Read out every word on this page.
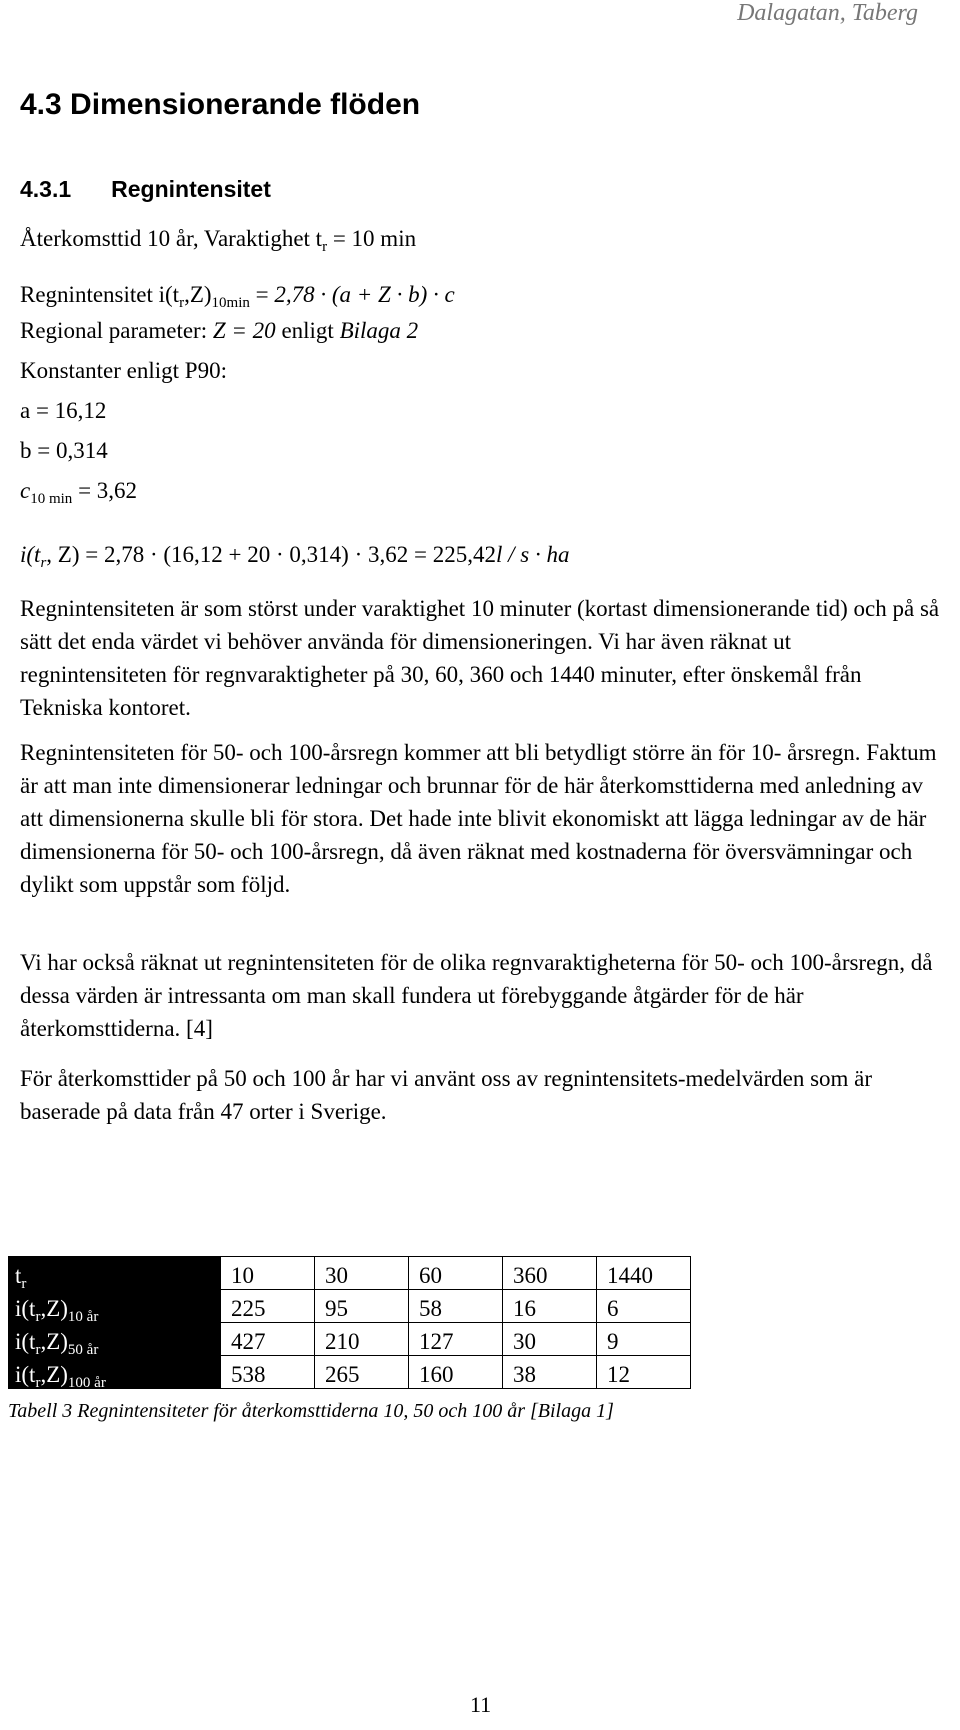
Dalagatan, Taberg
4.3 Dimensionerande flöden
4.3.1 Regnintensitet
Återkomsttid 10 år, Varaktighet $t_r = 10$ min
Regnintensitet $i(t_r,Z)_{10min} = 2,78 \cdot (a + Z \cdot b) \cdot c$
Regional parameter: Z = 20 enligt Bilaga 2
Konstanter enligt P90:
a = 16,12
b = 0,314
$c_{10 min} = 3,62$
$i(t_r$, Z) = 2,78 · (16,12 + 20 · 0,314) · 3,62 = 225,42l / s · ha

Regnintensiteten är som störst under varaktighet 10 minuter (kortast dimensionerande tid) och på så sätt det enda värdet vi behöver använda för dimensioneringen. Vi har även räknat ut regnintensiteten för regnvaraktigheter på 30, 60, 360 och 1440 minuter, efter önskemål från Tekniska kontoret.

Regnintensiteten för 50- och 100-årsregn kommer att bli betydligt större än för 10- årsregn. Faktum är att man inte dimensionerar ledningar och brunnar för de här återkomsttiderna med anledning av att dimensionerna skulle bli för stora. Det hade inte blivit ekonomiskt att lägga ledningar av de här dimensionerna för 50- och 100-årsregn, då även räknat med kostnaderna för översvämningar och dylikt som uppstår som följd.

Vi har också räknat ut regnintensiteten för de olika regnvaraktigheterna för 50- och 100-årsregn, då dessa värden är intressanta om man skall fundera ut förebyggande åtgärder för de här återkomsttiderna. [4]

För återkomsttider på 50 och 100 år har vi använt oss av regnintensitets-medelvärden som är baserade på data från 47 orter i Sverige.

$t_r$	10	30	60	360	1440
$i(t_r,Z)_{10 år}$	225	95	58	16	6
$i(t_r,Z)_{50 år}$	427	210	127	30	9
$i(t_r,Z)_{100 år}$	538	265	160	38	12
Tabell 3 Regnintensiteter för återkomsttiderna 10, 50 och 100 år [Bilaga 1]
11
